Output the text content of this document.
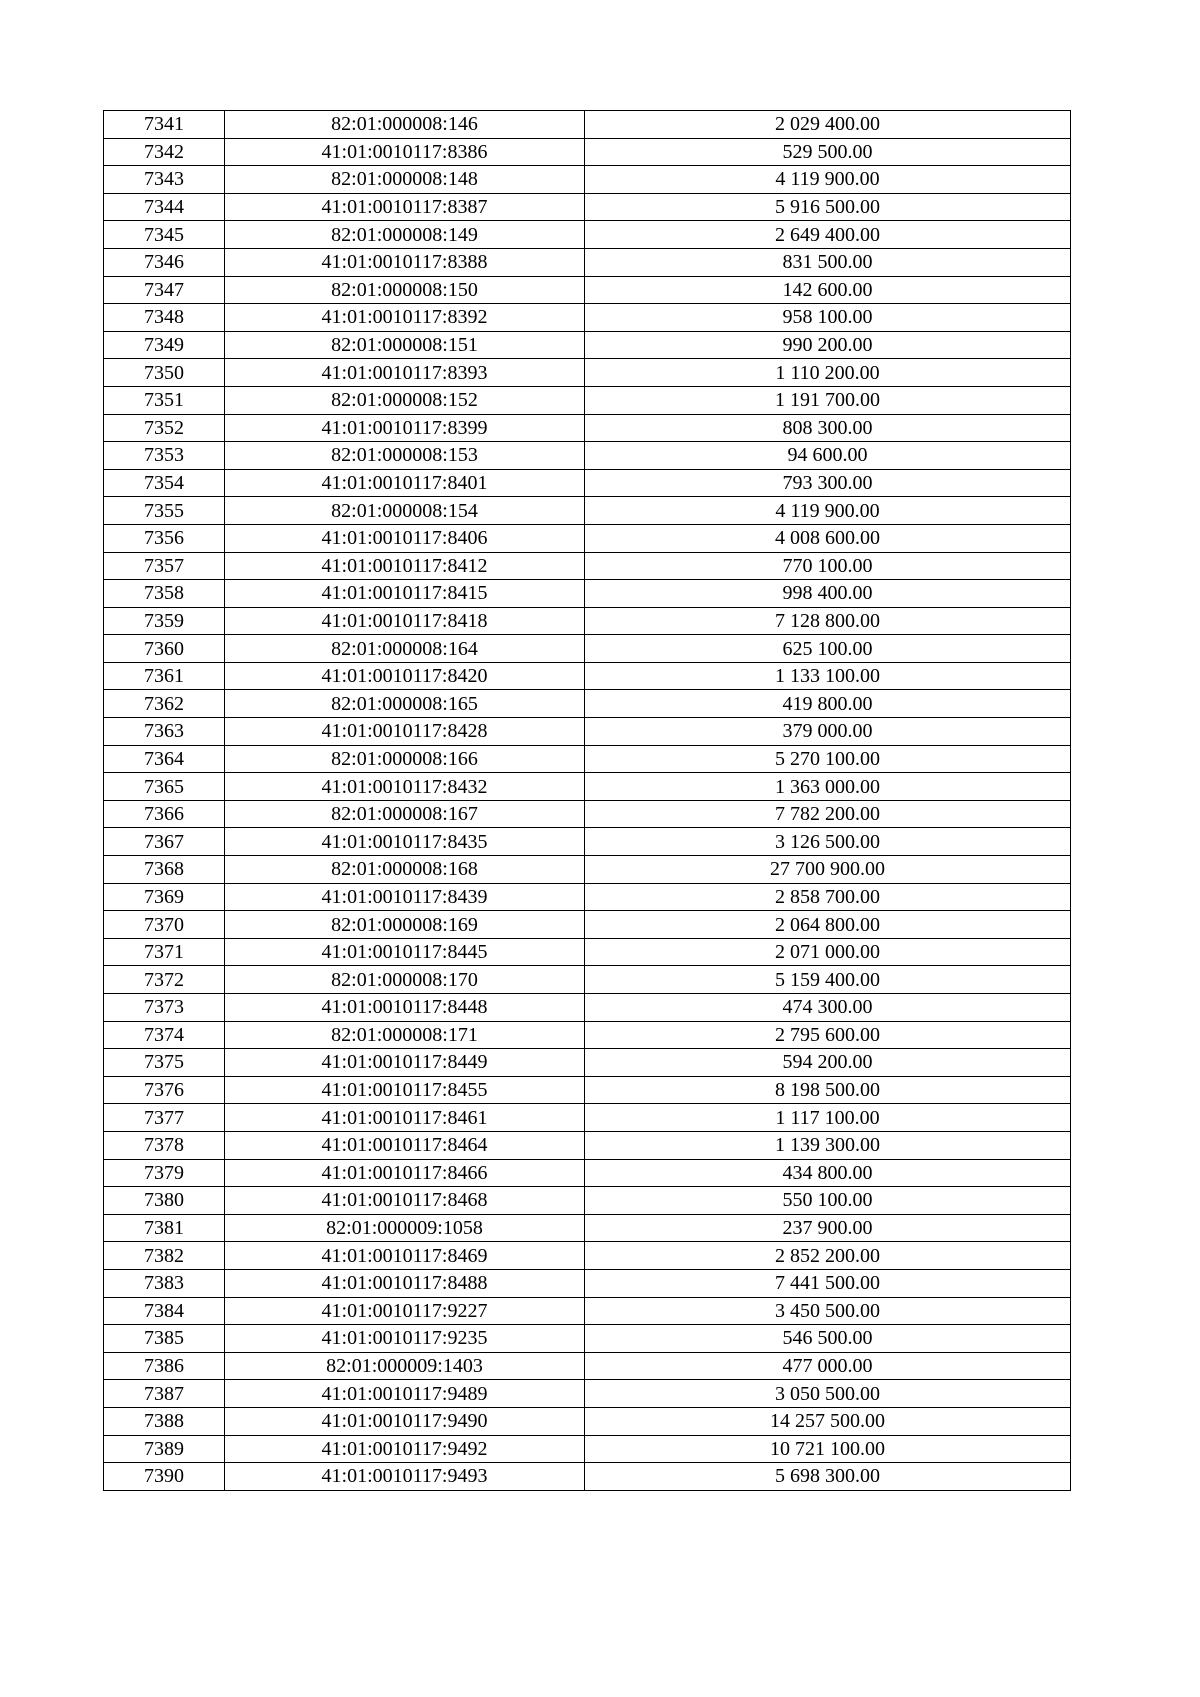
7341	82:01:000008:146	2 029 400.00
7342	41:01:0010117:8386	529 500.00
7343	82:01:000008:148	4 119 900.00
7344	41:01:0010117:8387	5 916 500.00
7345	82:01:000008:149	2 649 400.00
7346	41:01:0010117:8388	831 500.00
7347	82:01:000008:150	142 600.00
7348	41:01:0010117:8392	958 100.00
7349	82:01:000008:151	990 200.00
7350	41:01:0010117:8393	1 110 200.00
7351	82:01:000008:152	1 191 700.00
7352	41:01:0010117:8399	808 300.00
7353	82:01:000008:153	94 600.00
7354	41:01:0010117:8401	793 300.00
7355	82:01:000008:154	4 119 900.00
7356	41:01:0010117:8406	4 008 600.00
7357	41:01:0010117:8412	770 100.00
7358	41:01:0010117:8415	998 400.00
7359	41:01:0010117:8418	7 128 800.00
7360	82:01:000008:164	625 100.00
7361	41:01:0010117:8420	1 133 100.00
7362	82:01:000008:165	419 800.00
7363	41:01:0010117:8428	379 000.00
7364	82:01:000008:166	5 270 100.00
7365	41:01:0010117:8432	1 363 000.00
7366	82:01:000008:167	7 782 200.00
7367	41:01:0010117:8435	3 126 500.00
7368	82:01:000008:168	27 700 900.00
7369	41:01:0010117:8439	2 858 700.00
7370	82:01:000008:169	2 064 800.00
7371	41:01:0010117:8445	2 071 000.00
7372	82:01:000008:170	5 159 400.00
7373	41:01:0010117:8448	474 300.00
7374	82:01:000008:171	2 795 600.00
7375	41:01:0010117:8449	594 200.00
7376	41:01:0010117:8455	8 198 500.00
7377	41:01:0010117:8461	1 117 100.00
7378	41:01:0010117:8464	1 139 300.00
7379	41:01:0010117:8466	434 800.00
7380	41:01:0010117:8468	550 100.00
7381	82:01:000009:1058	237 900.00
7382	41:01:0010117:8469	2 852 200.00
7383	41:01:0010117:8488	7 441 500.00
7384	41:01:0010117:9227	3 450 500.00
7385	41:01:0010117:9235	546 500.00
7386	82:01:000009:1403	477 000.00
7387	41:01:0010117:9489	3 050 500.00
7388	41:01:0010117:9490	14 257 500.00
7389	41:01:0010117:9492	10 721 100.00
7390	41:01:0010117:9493	5 698 300.00
